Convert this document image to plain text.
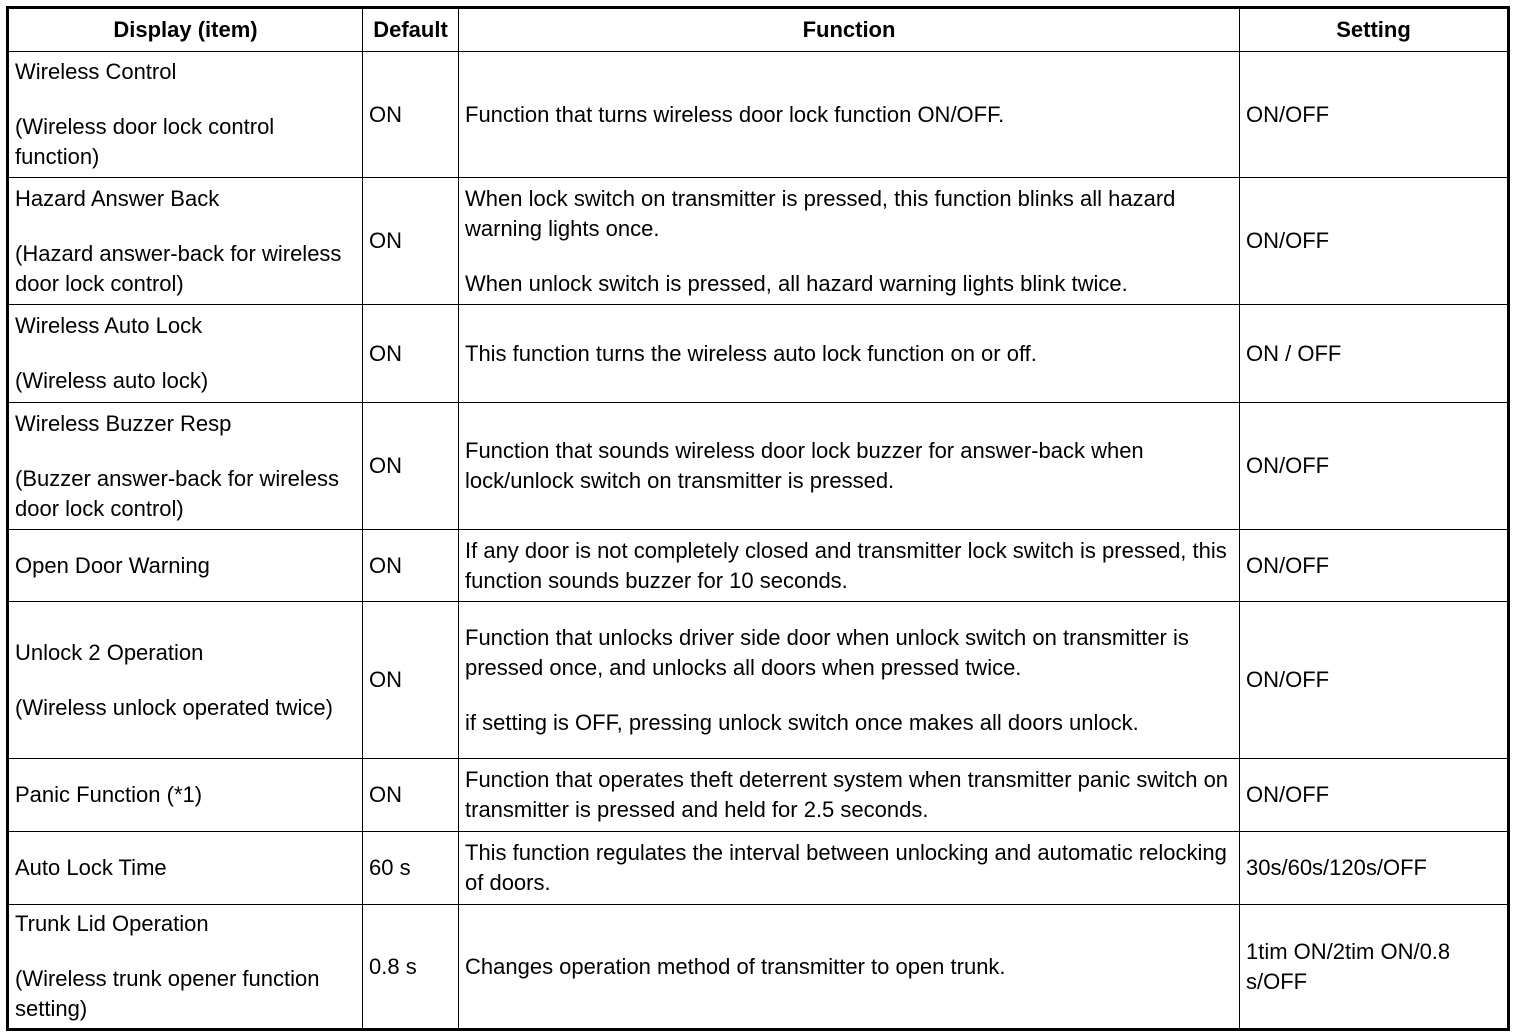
Display (item)	Default	Function	Setting

Wireless Control
(Wireless door lock control function)	ON	Function that turns wireless door lock function ON/OFF.	ON/OFF

Hazard Answer Back
(Hazard answer-back for wireless door lock control)	ON	When lock switch on transmitter is pressed, this function blinks all hazard warning lights once.
When unlock switch is pressed, all hazard warning lights blink twice.	ON/OFF

Wireless Auto Lock
(Wireless auto lock)	ON	This function turns the wireless auto lock function on or off.	ON / OFF

Wireless Buzzer Resp
(Buzzer answer-back for wireless door lock control)	ON	Function that sounds wireless door lock buzzer for answer-back when lock/unlock switch on transmitter is pressed.	ON/OFF

Open Door Warning	ON	If any door is not completely closed and transmitter lock switch is pressed, this function sounds buzzer for 10 seconds.	ON/OFF

Unlock 2 Operation
(Wireless unlock operated twice)	ON	Function that unlocks driver side door when unlock switch on transmitter is pressed once, and unlocks all doors when pressed twice.
if setting is OFF, pressing unlock switch once makes all doors unlock.	ON/OFF

Panic Function (*1)	ON	Function that operates theft deterrent system when transmitter panic switch on transmitter is pressed and held for 2.5 seconds.	ON/OFF

Auto Lock Time	60 s	This function regulates the interval between unlocking and automatic relocking of doors.	30s/60s/120s/OFF

Trunk Lid Operation
(Wireless trunk opener function setting)	0.8 s	Changes operation method of transmitter to open trunk.	1tim ON/2tim ON/0.8 s/OFF
